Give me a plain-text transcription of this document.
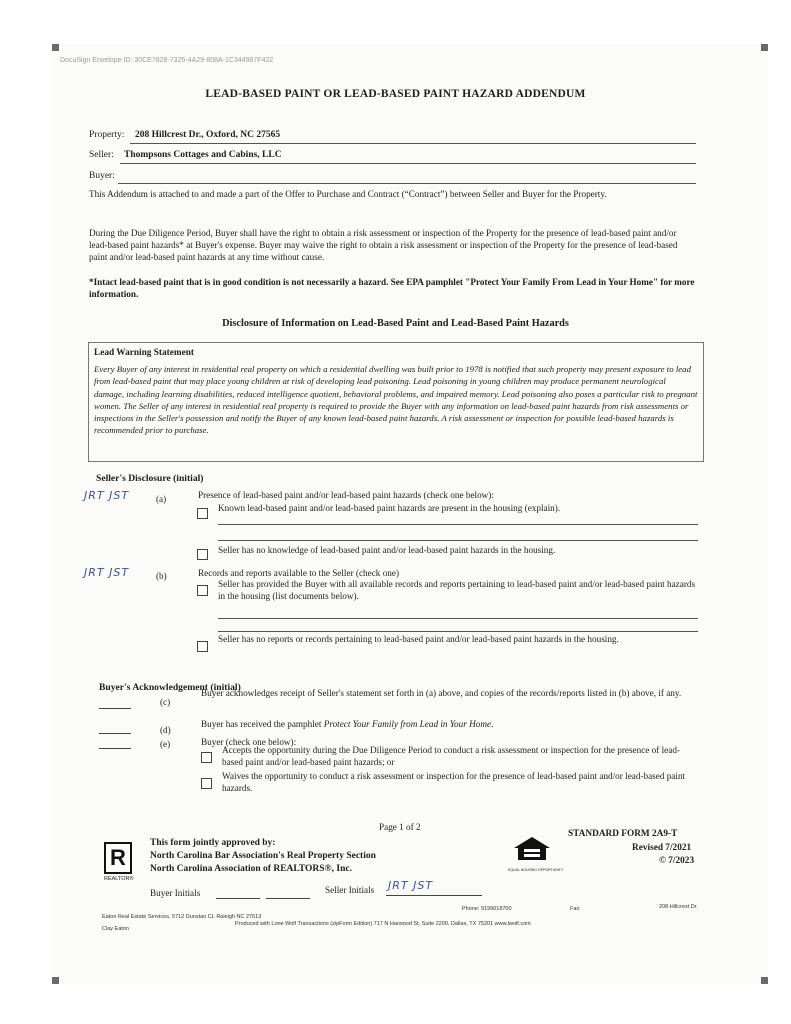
DocuSign Envelope ID: 30CE7828-7325-4A29-808A-1C344987F422
LEAD-BASED PAINT OR LEAD-BASED PAINT HAZARD ADDENDUM
Property: 208 Hillcrest Dr., Oxford, NC 27565
Seller: Thompsons Cottages and Cabins, LLC
Buyer:
This Addendum is attached to and made a part of the Offer to Purchase and Contract (“Contract”) between Seller and Buyer for the Property.
During the Due Diligence Period, Buyer shall have the right to obtain a risk assessment or inspection of the Property for the presence of lead-based paint and/or lead-based paint hazards* at Buyer's expense. Buyer may waive the right to obtain a risk assessment or inspection of the Property for the presence of lead-based paint and/or lead-based paint hazards at any time without cause.
*Intact lead-based paint that is in good condition is not necessarily a hazard. See EPA pamphlet "Protect Your Family From Lead in Your Home" for more information.
Disclosure of Information on Lead-Based Paint and Lead-Based Paint Hazards
Lead Warning Statement
Every Buyer of any interest in residential real property on which a residential dwelling was built prior to 1978 is notified that such property may present exposure to lead from lead-based paint that may place young children at risk of developing lead poisoning. Lead poisoning in young children may produce permanent neurological damage, including learning disabilities, reduced intelligence quotient, behavioral problems, and impaired memory. Lead poisoning also poses a particular risk to pregnant women. The Seller of any interest in residential real property is required to provide the Buyer with any information on lead-based paint hazards from risk assessments or inspections in the Seller's possession and notify the Buyer of any known lead-based paint hazards. A risk assessment or inspection for possible lead-based hazards is recommended prior to purchase.
Seller's Disclosure (initial)
JRT JST	(a)	Presence of lead-based paint and/or lead-based paint hazards (check one below):
Known lead-based paint and/or lead-based paint hazards are present in the housing (explain).
Seller has no knowledge of lead-based paint and/or lead-based paint hazards in the housing.
JRT JST	(b)	Records and reports available to the Seller (check one)
Seller has provided the Buyer with all available records and reports pertaining to lead-based paint and/or lead-based paint hazards in the housing (list documents below).
Seller has no reports or records pertaining to lead-based paint and/or lead-based paint hazards in the housing.
Buyer's Acknowledgement (initial)
(c)
Buyer acknowledges receipt of Seller's statement set forth in (a) above, and copies of the records/reports listed in (b) above, if any.
(d)
Buyer has received the pamphlet Protect Your Family from Lead in Your Home.
(e)	Buyer (check one below):
Accepts the opportunity during the Due Diligence Period to conduct a risk assessment or inspection for the presence of lead-based paint and/or lead-based paint hazards; or
Waives the opportunity to conduct a risk assessment or inspection for the presence of lead-based paint and/or lead-based paint hazards.
Page 1 of 2
R
REALTOR®
This form jointly approved by:
North Carolina Bar Association's Real Property Section
North Carolina Association of REALTORS®, Inc.	EQUAL HOUSING OPPORTUNITY
STANDARD FORM 2A9-T
Revised 7/2021
© 7/2023
Buyer Initials	Seller Initials JRT JST
Phone: 9199018700	Fax:	208 Hillcrest Dr.
Eaton Real Estate Services, 5712 Dunstan Ct. Raleigh NC 27613
Produced with Lone Wolf Transactions (zipForm Edition) 717 N Harwood St, Suite 2200, Dallas, TX 75201 www.lwolf.com
Clay Eaton
